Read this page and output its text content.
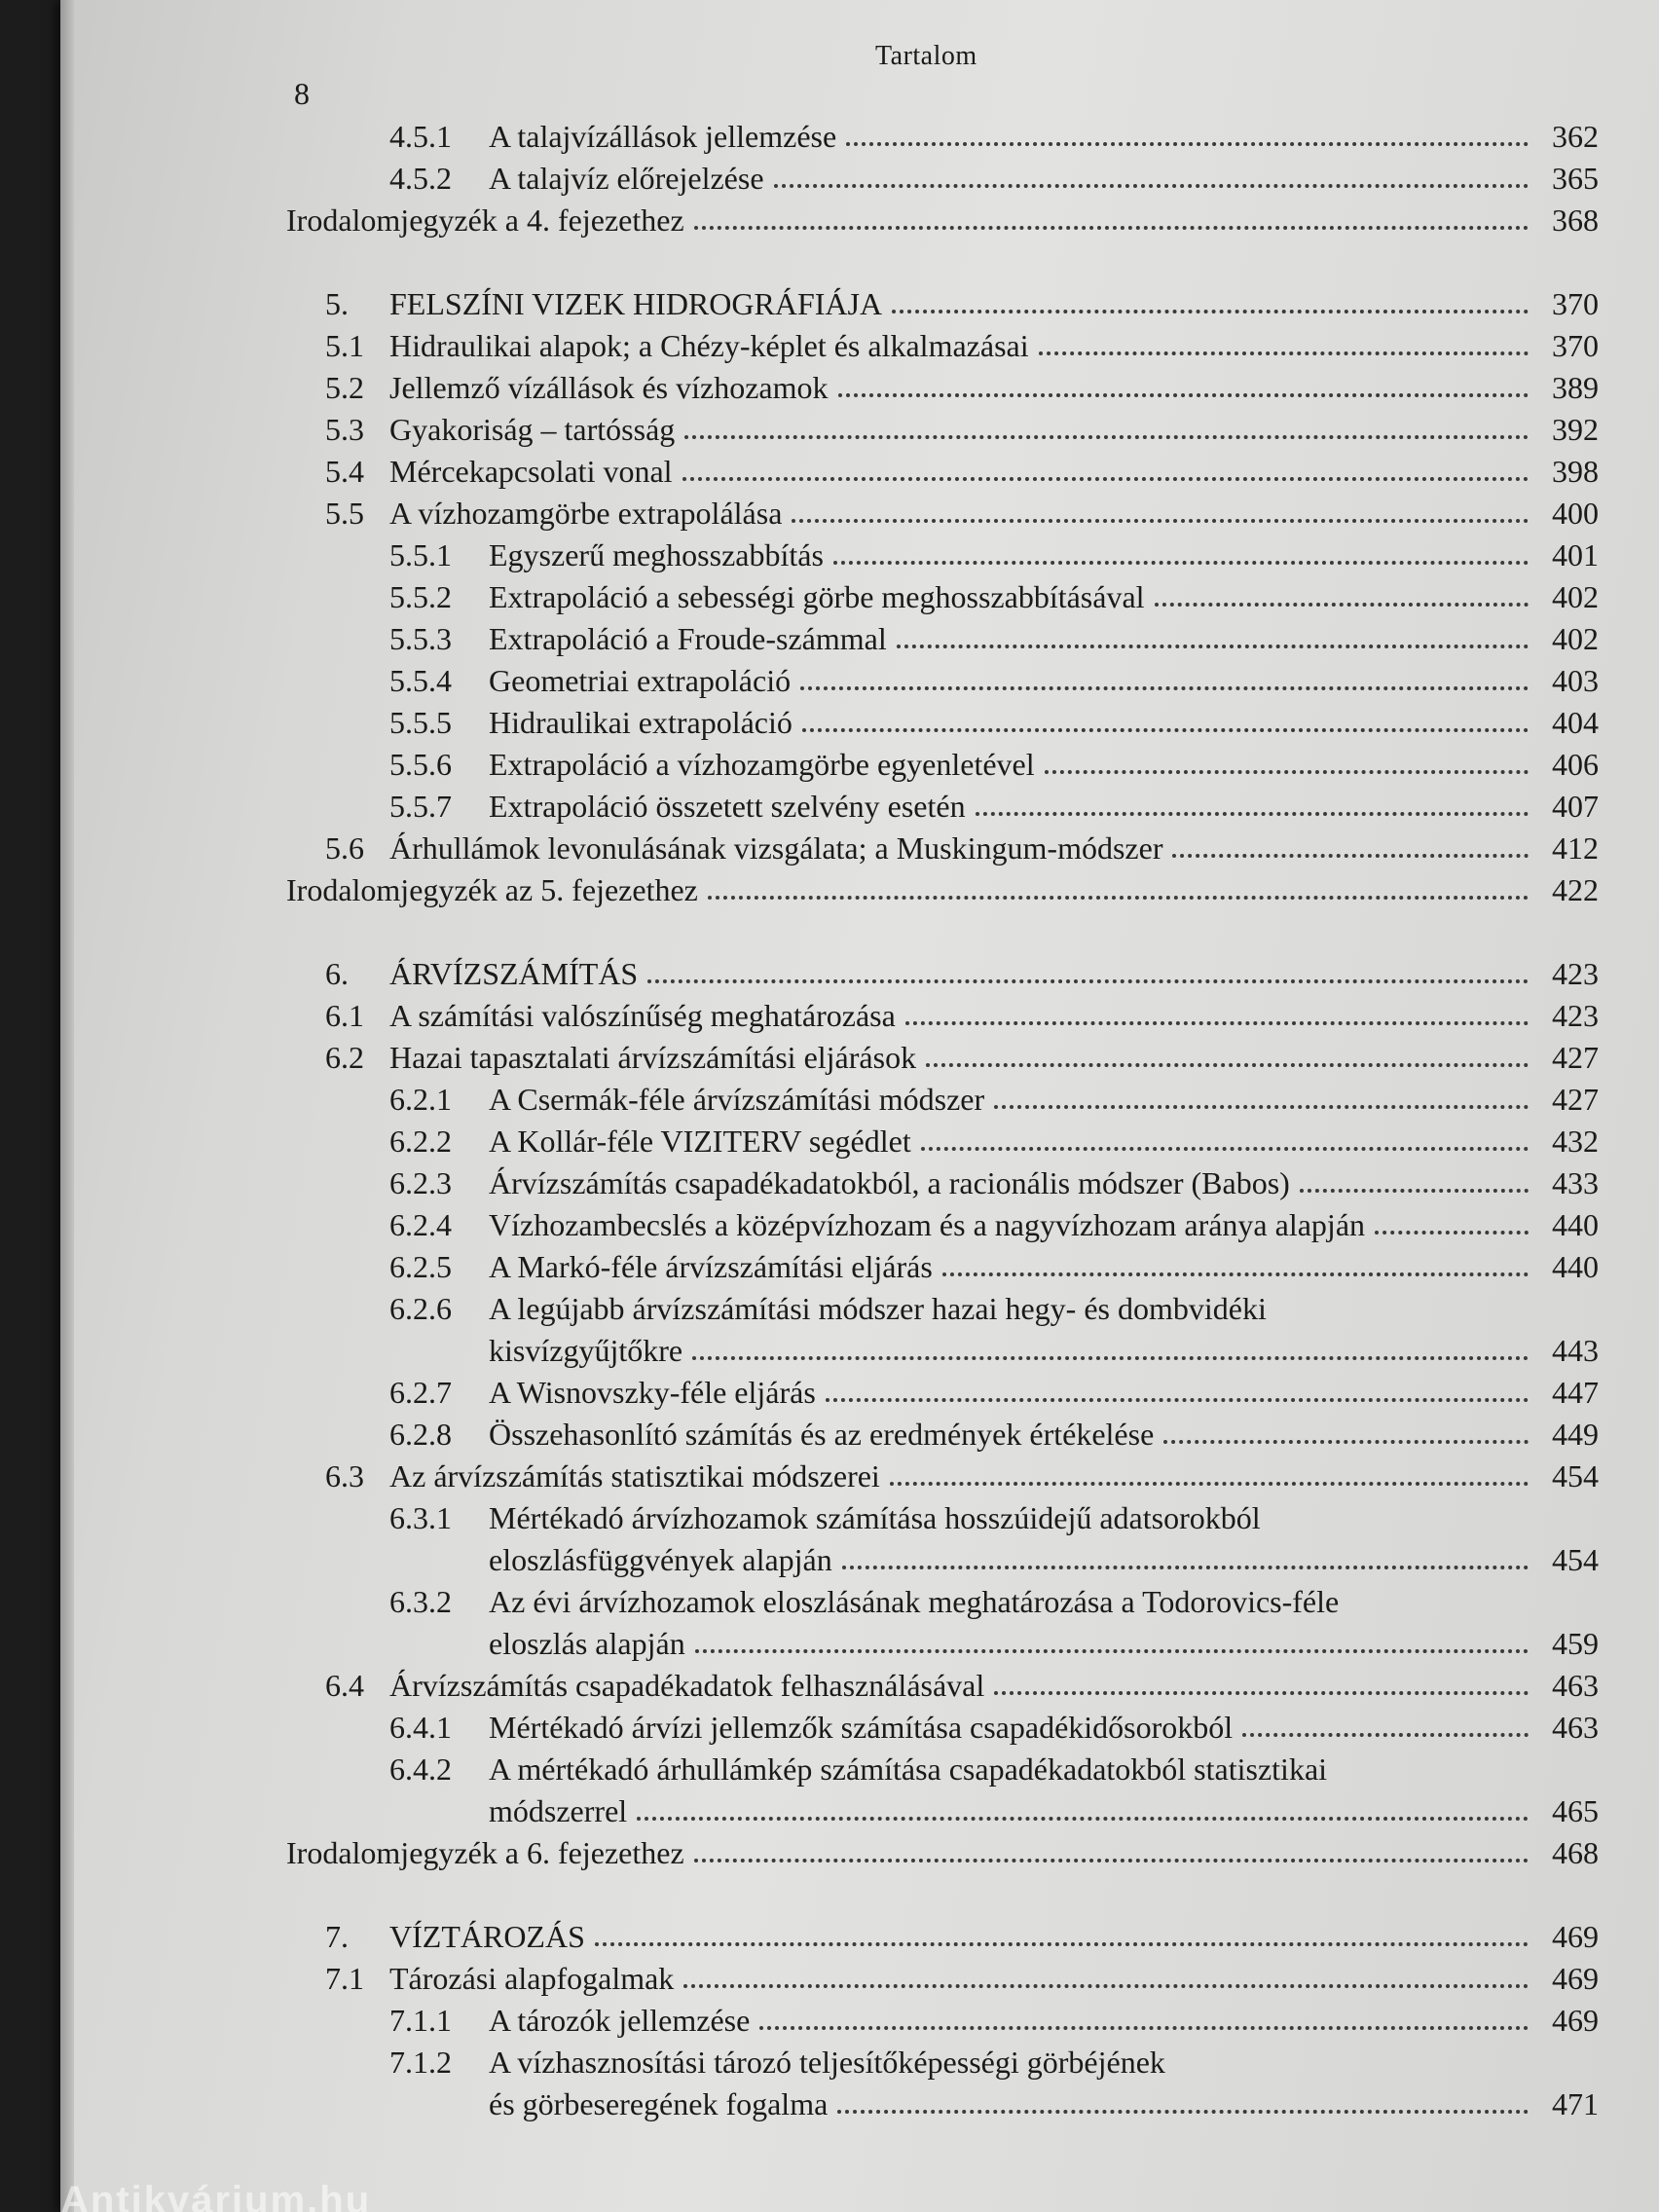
Tartalom
8
4.5.1	A talajvízállások jellemzése	362
4.5.2	A talajvíz előrejelzése	365
Irodalomjegyzék a 4. fejezethez	368
5.	FELSZÍNI VIZEK HIDROGRÁFIÁJA	370
5.1 Hidraulikai alapok; a Chézy-képlet és alkalmazásai	370
5.2 Jellemző vízállások és vízhozamok	389
5.3 Gyakoriság – tartósság	392
5.4 Mércekapcsolati vonal	398
5.5 A vízhozamgörbe extrapolálása	400
5.5.1	Egyszerű meghosszabbítás	401
5.5.2	Extrapoláció a sebességi görbe meghosszabbításával	402
5.5.3	Extrapoláció a Froude-számmal	402
5.5.4	Geometriai extrapoláció	403
5.5.5	Hidraulikai extrapoláció	404
5.5.6	Extrapoláció a vízhozamgörbe egyenletével	406
5.5.7	Extrapoláció összetett szelvény esetén	407
5.6 Árhullámok levonulásának vizsgálata; a Muskingum-módszer	412
Irodalomjegyzék az 5. fejezethez	422
6.	ÁRVÍZSZÁMÍTÁS	423
6.1 A számítási valószínűség meghatározása	423
6.2 Hazai tapasztalati árvízszámítási eljárások	427
6.2.1	A Csermák-féle árvízszámítási módszer	427
6.2.2	A Kollár-féle VIZITERV segédlet	432
6.2.3	Árvízszámítás csapadékadatokból, a racionális módszer (Babos)	433
6.2.4	Vízhozambecslés a középvízhozam és a nagyvízhozam aránya alapján	440
6.2.5	A Markó-féle árvízszámítási eljárás	440
6.2.6 A legújabb árvízszámítási módszer hazai hegy- és dombvidéki
kisvízgyűjtőkre	443
6.2.7	A Wisnovszky-féle eljárás	447
6.2.8	Összehasonlító számítás és az eredmények értékelése	449
6.3 Az árvízszámítás statisztikai módszerei	454
6.3.1 Mértékadó árvízhozamok számítása hosszúidejű adatsorokból
eloszlásfüggvények alapján	454
6.3.2 Az évi árvízhozamok eloszlásának meghatározása a Todorovics-féle
eloszlás alapján	459
6.4 Árvízszámítás csapadékadatok felhasználásával	463
6.4.1	Mértékadó árvízi jellemzők számítása csapadékidősorokból	463
6.4.2 A mértékadó árhullámkép számítása csapadékadatokból statisztikai
módszerrel	465
Irodalomjegyzék a 6. fejezethez	468
7.	VÍZTÁROZÁS	469
7.1 Tározási alapfogalmak	469
7.1.1	A tározók jellemzése	469
7.1.2 A vízhasznosítási tározó teljesítőképességi görbéjének
és görbeseregének fogalma	471
Antikvárium.hu
